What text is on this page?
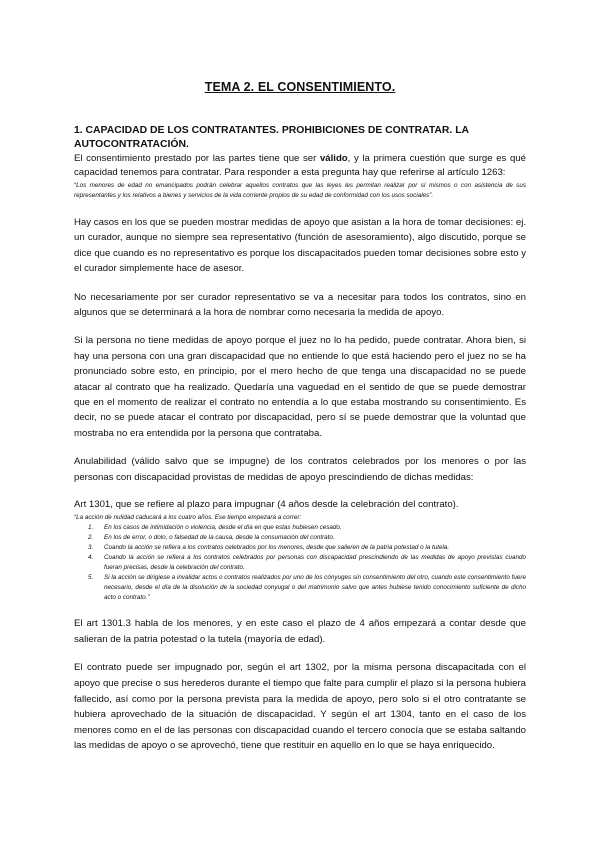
TEMA 2. EL CONSENTIMIENTO.
1. CAPACIDAD DE LOS CONTRATANTES. PROHIBICIONES DE CONTRATAR. LA AUTOCONTRATACIÓN.

El consentimiento prestado por las partes tiene que ser válido, y la primera cuestión que surge es qué capacidad tenemos para contratar. Para responder a esta pregunta hay que referirse al artículo 1263:

“Los menores de edad no emancipados podrán celebrar aquellos contratos que las leyes les permitan realizar por sí mismos o con asistencia de sus representantes y los relativos a bienes y servicios de la vida corriente propios de su edad de conformidad con los usos sociales”.

Hay casos en los que se pueden mostrar medidas de apoyo que asistan a la hora de tomar decisiones: ej. un curador, aunque no siempre sea representativo (función de asesoramiento), algo discutido, porque se dice que cuando es no representativo es porque los discapacitados pueden tomar decisiones sobre esto y el curador simplemente hace de asesor.

No necesariamente por ser curador representativo se va a necesitar para todos los contratos, sino en algunos que se determinará a la hora de nombrar como necesaria la medida de apoyo.

Si la persona no tiene medidas de apoyo porque el juez no lo ha pedido, puede contratar. Ahora bien, si hay una persona con una gran discapacidad que no entiende lo que está haciendo pero el juez no se ha pronunciado sobre esto, en principio, por el mero hecho de que tenga una discapacidad no se puede atacar al contrato que ha realizado. Quedaría una vaguedad en el sentido de que se puede demostrar que en el momento de realizar el contrato no entendía a lo que estaba mostrando su consentimiento. Es decir, no se puede atacar el contrato por discapacidad, pero sí se puede demostrar que la voluntad que mostraba no era entendida por la persona que contrataba.

Anulabilidad (válido salvo que se impugne) de los contratos celebrados por los menores o por las personas con discapacidad provistas de medidas de apoyo prescindiendo de dichas medidas:

Art 1301, que se refiere al plazo para impugnar (4 años desde la celebración del contrato).

“La acción de nulidad caducará a los cuatro años. Ese tiempo empezará a correr:

1. En los casos de intimidación o violencia, desde el día en que estas hubiesen cesado.
2. En los de error, o dolo, o falsedad de la causa, desde la consumación del contrato.
3. Cuando la acción se refiera a los contratos celebrados por los menores, desde que salieren de la patria potestad o la tutela.
4. Cuando la acción se refiera a los contratos celebrados por personas con discapacidad prescindiendo de las medidas de apoyo previstas cuando fueran precisas, desde la celebración del contrato.
5. Si la acción se dirigiese a invalidar actos o contratos realizados por uno de los cónyuges sin consentimiento del otro, cuando este consentimiento fuere necesario, desde el día de la disolución de la sociedad conyugal o del matrimonio salvo que antes hubiese tenido conocimiento suficiente de dicho acto o contrato.”

El art 1301.3 habla de los menores, y en este caso el plazo de 4 años empezará a contar desde que salieran de la patria potestad o la tutela (mayoría de edad).

El contrato puede ser impugnado por, según el art 1302, por la misma persona discapacitada con el apoyo que precise o sus herederos durante el tiempo que falte para cumplir el plazo si la persona hubiera fallecido, así como por la persona prevista para la medida de apoyo, pero solo si el otro contratante se hubiera aprovechado de la situación de discapacidad. Y según el art 1304, tanto en el caso de los menores como en el de las personas con discapacidad cuando el tercero conocía que se estaba saltando las medidas de apoyo o se aprovechó, tiene que restituir en aquello en lo que se haya enriquecido.
